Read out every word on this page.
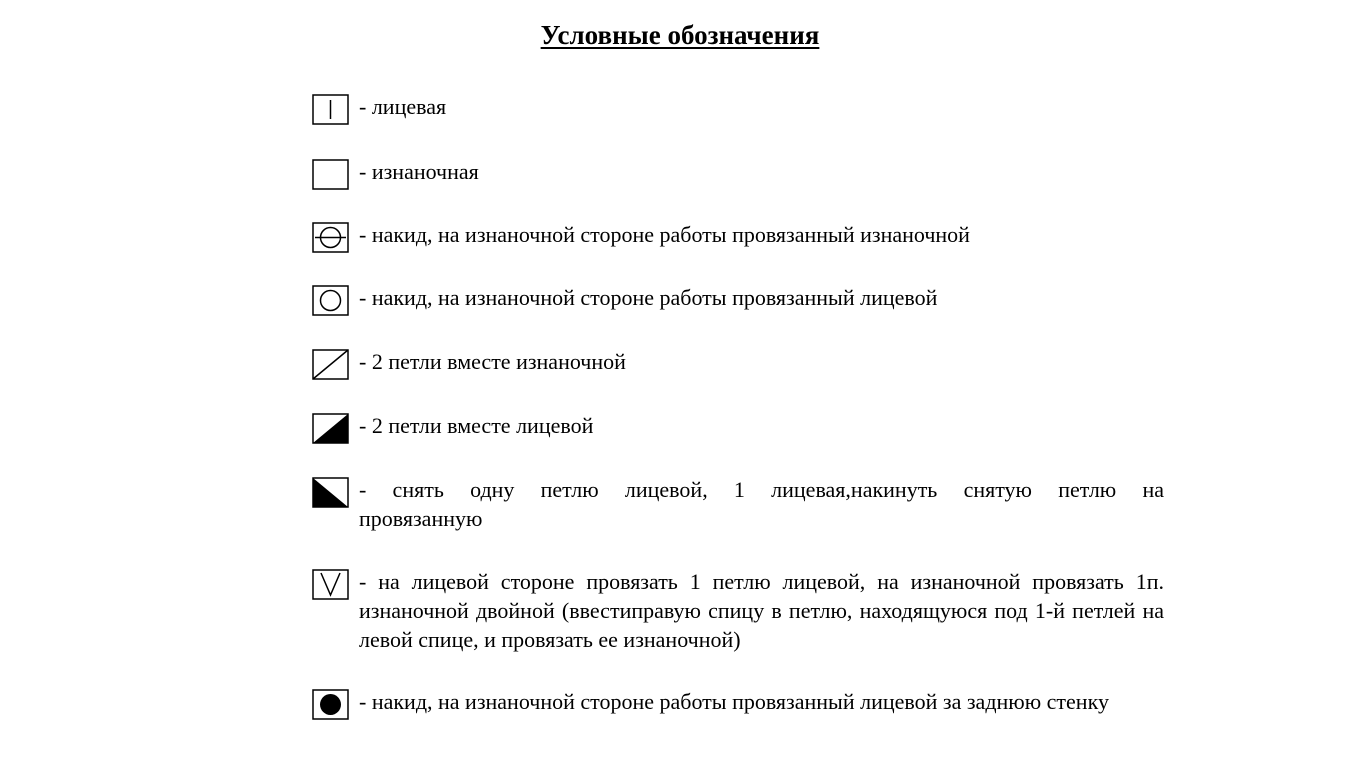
Условные обозначения

- лицевая

- изнаночная

- накид, на изнаночной стороне работы провязанный изнаночной

- накид, на изнаночной стороне работы провязанный лицевой

- 2 петли вместе изнаночной

- 2 петли вместе лицевой

- снять одну петлю лицевой, 1 лицевая,накинуть снятую петлю на провязанную

- на лицевой стороне провязать 1 петлю лицевой, на изнаночной провязать 1п. изнаночной двойной (ввестиправую спицу в петлю, находящуюся под 1-й петлей на левой спице, и провязать ее изнаночной)

- накид, на изнаночной стороне работы провязанный лицевой за заднюю стенку
